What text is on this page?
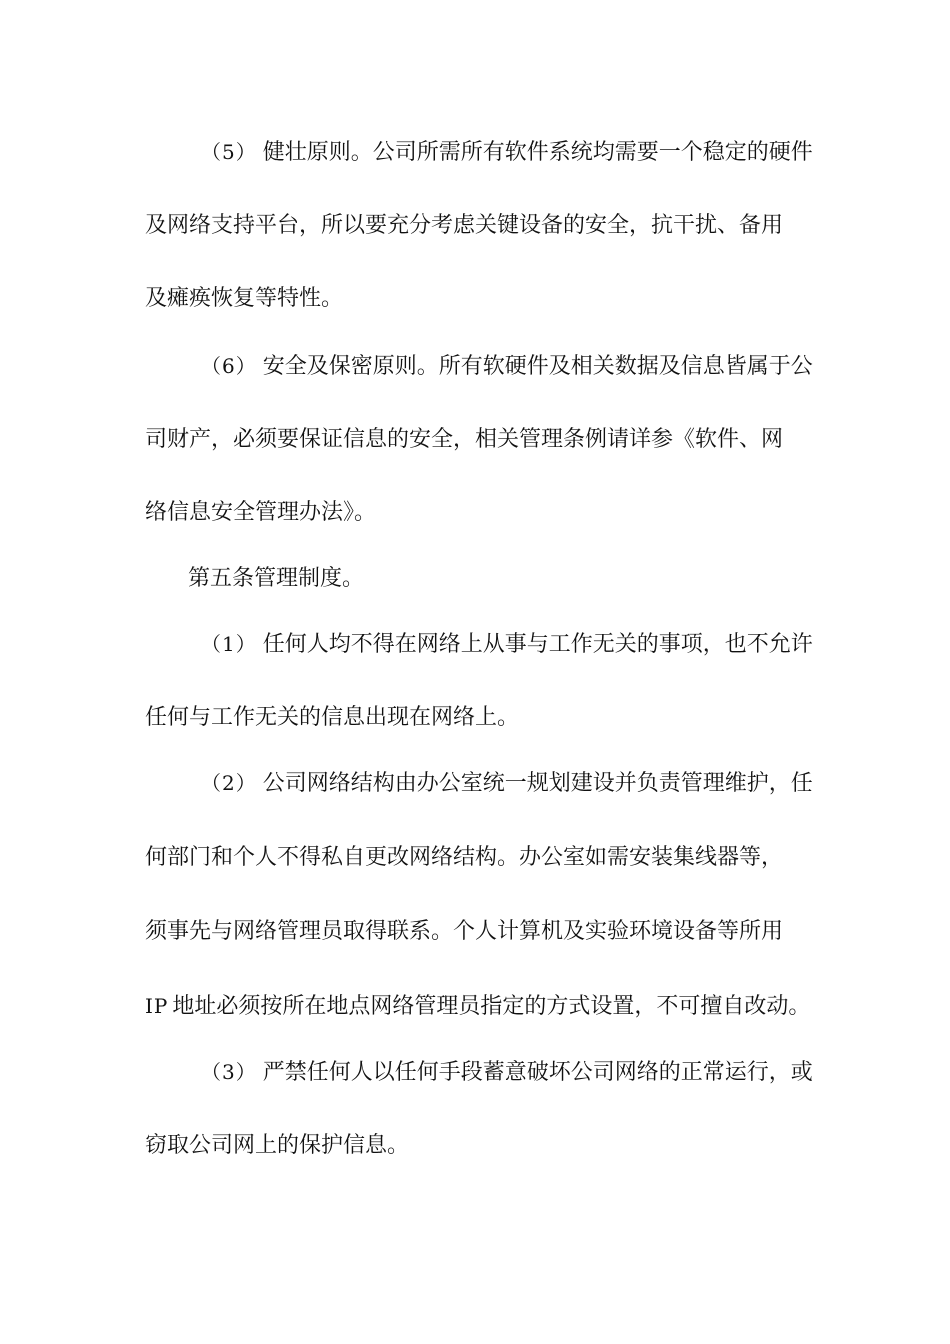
（5） 健壮原则。公司所需所有软件系统均需要一个稳定的硬件
及网络支持平台，所以要充分考虑关键设备的安全，抗干扰、备用
及瘫痪恢复等特性。
（6） 安全及保密原则。所有软硬件及相关数据及信息皆属于公
司财产，必须要保证信息的安全，相关管理条例请详参《软件、网
络信息安全管理办法》。
第五条管理制度。
（1） 任何人均不得在网络上从事与工作无关的事项，也不允许
任何与工作无关的信息出现在网络上。
（2） 公司网络结构由办公室统一规划建设并负责管理维护，任
何部门和个人不得私自更改网络结构。办公室如需安装集线器等，
须事先与网络管理员取得联系。个人计算机及实验环境设备等所用
IP 地址必须按所在地点网络管理员指定的方式设置，不可擅自改动。
（3） 严禁任何人以任何手段蓄意破坏公司网络的正常运行，或
窃取公司网上的保护信息。
